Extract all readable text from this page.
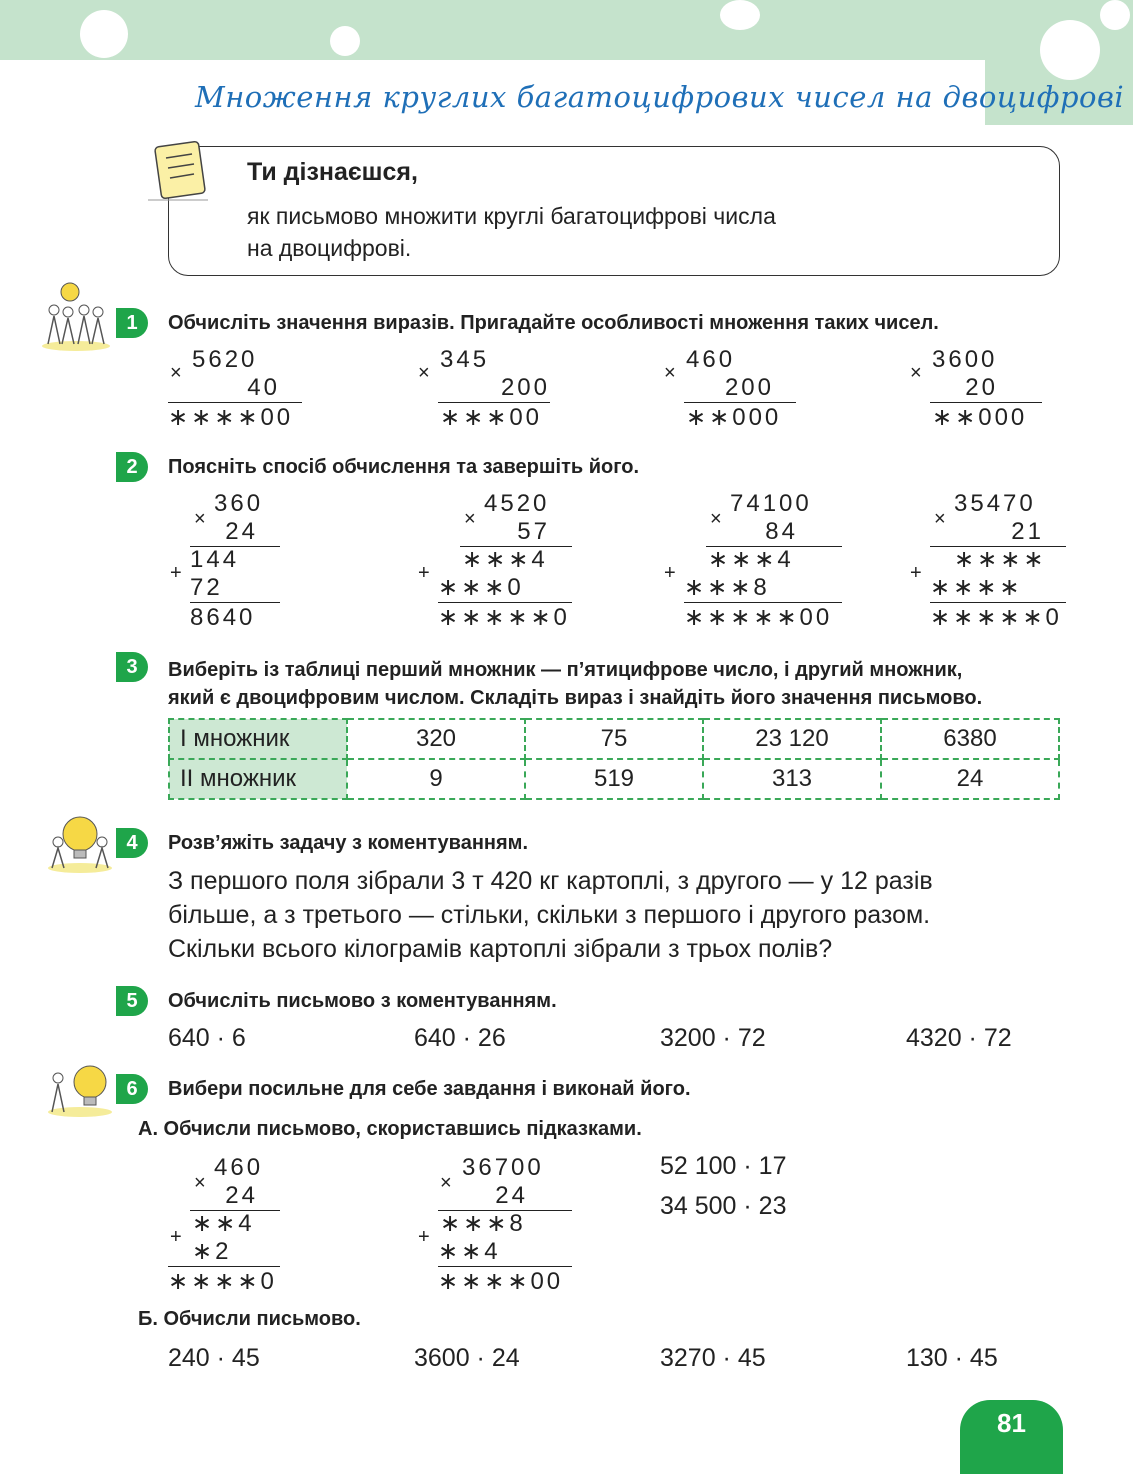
Множення круглих багатоцифрових чисел на двоцифрові
Ти дізнаєшся,
як письмово множити круглі багатоцифрові числа
на двоцифрові.
1	Обчисліть значення виразів. Пригадайте особливості множення таких чисел.
× 5620
40
∗∗∗∗00
× 345
200
∗∗∗00
× 460
200
∗∗000
× 3600
20
∗∗000
2	Поясніть спосіб обчислення та завершіть його.
×
360
24
+ 144
72
8640
×
4520
57
+ ∗∗∗4
∗∗∗0
∗∗∗∗∗0
×
74100
84
+ ∗∗∗4
∗∗∗8
∗∗∗∗∗00
×
35470
21
+ ∗∗∗∗
∗∗∗∗
∗∗∗∗∗0
3	Виберіть із таблиці перший множник — п’ятицифрове число, і другий множник,
який є двоцифровим числом. Складіть вираз і знайдіть його значення письмово.
І множник	320	75	23 120	6380
ІІ множник	9	519	313	24
4	Розв’яжіть задачу з коментуванням.
З першого поля зібрали 3 т 420 кг картоплі, з другого — у 12 разів
більше, а з третього — стільки, скільки з першого і другого разом.
Скільки всього кілограмів картоплі зібрали з трьох полів?
5	Обчисліть письмово з коментуванням.
640 · 6	640 · 26	3200 · 72	4320 · 72
6	Вибери посильне для себе завдання і виконай його.
А. Обчисли письмово, скориставшись підказками.
×
460
24
+ ∗∗4
∗2
∗∗∗∗0
×
36700
24
+ ∗∗∗8
∗∗4
∗∗∗∗00
52 100 · 17
34 500 · 23
Б. Обчисли письмово.
240 · 45	3600 · 24	3270 · 45	130 · 45
81
